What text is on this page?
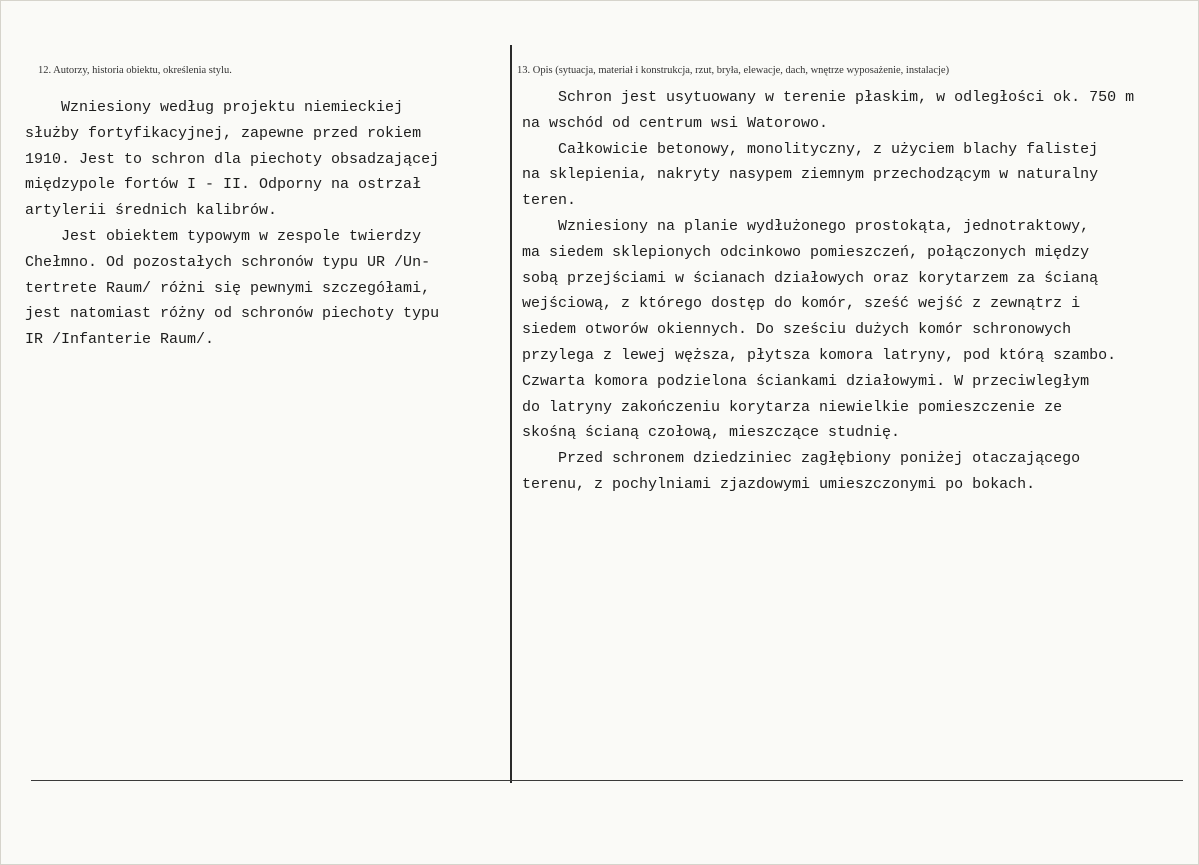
12. Autorzy, historia obiektu, określenia stylu.	13. Opis (sytuacja, materiał i konstrukcja, rzut, bryła, elewacje, dach, wnętrze wyposażenie, instalacje)

Wzniesiony według projektu niemieckiej

służby fortyfikacyjnej, zapewne przed rokiem

1910. Jest to schron dla piechoty obsadzającej

międzypole fortów I - II. Odporny na ostrzał

artylerii średnich kalibrów.

Jest obiektem typowym w zespole twierdzy

Chełmno. Od pozostałych schronów typu UR /Un-

tertrete Raum/ różni się pewnymi szczegółami,

jest natomiast różny od schronów piechoty typu

IR /Infanterie Raum/.

Schron jest usytuowany w terenie płaskim, w odległości ok. 750 m

na wschód od centrum wsi Watorowo.

Całkowicie betonowy, monolityczny, z użyciem blachy falistej

na sklepienia, nakryty nasypem ziemnym przechodzącym w naturalny

teren.

Wzniesiony na planie wydłużonego prostokąta, jednotraktowy,

ma siedem sklepionych odcinkowo pomieszczeń, połączonych między

sobą przejściami w ścianach działowych oraz korytarzem za ścianą

wejściową, z którego dostęp do komór, sześć wejść z zewnątrz i

siedem otworów okiennych. Do sześciu dużych komór schronowych

przylega z lewej węższa, płytsza komora latryny, pod którą szambo.

Czwarta komora podzielona ściankami działowymi. W przeciwległym

do latryny zakończeniu korytarza niewielkie pomieszczenie ze

skośną ścianą czołową, mieszczące studnię.

Przed schronem dziedziniec zagłębiony poniżej otaczającego

terenu, z pochylniami zjazdowymi umieszczonymi po bokach.
